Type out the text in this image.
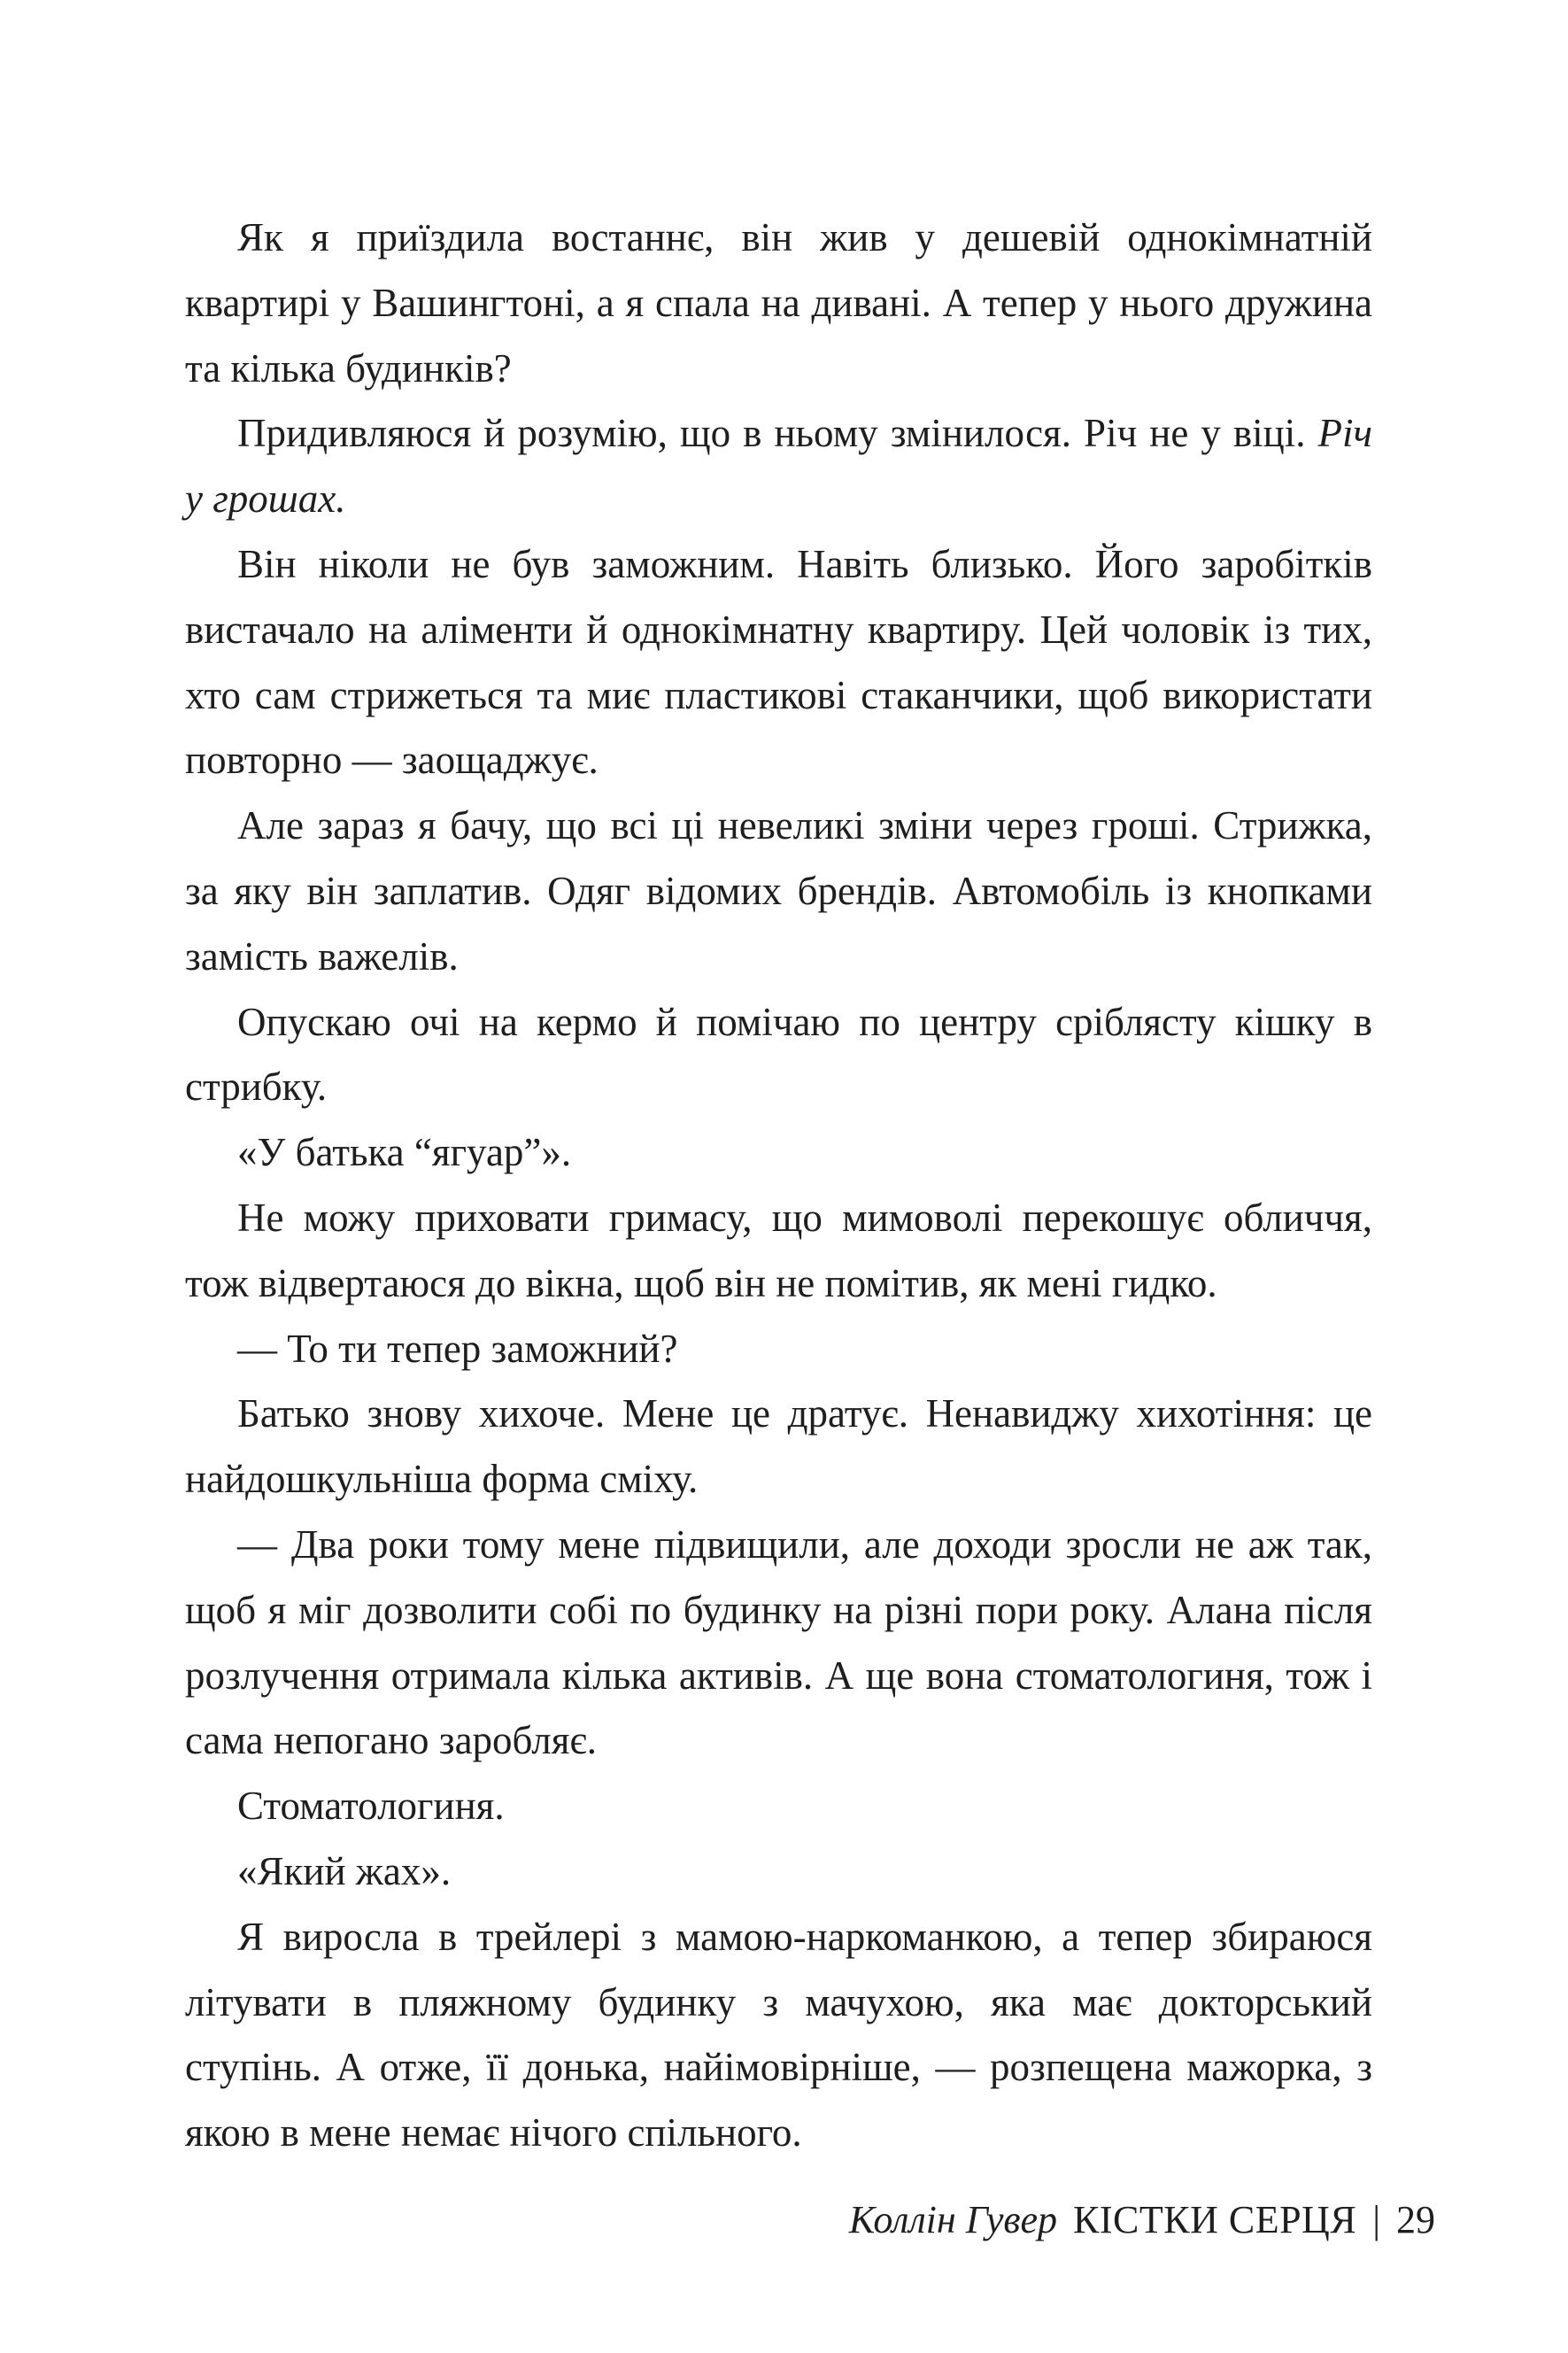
Як я приїздила востаннє, він жив у дешевій однокімнатній квартирі у Вашингтоні, а я спала на дивані. А тепер у нього дружина та кілька будинків?

Придивляюся й розумію, що в ньому змінилося. Річ не у віці. Річ у грошах.

Він ніколи не був заможним. Навіть близько. Його заробітків вистачало на аліменти й однокімнатну квартиру. Цей чоловік із тих, хто сам стрижеться та миє пластикові стаканчики, щоб використати повторно — заощаджує.

Але зараз я бачу, що всі ці невеликі зміни через гроші. Стрижка, за яку він заплатив. Одяг відомих брендів. Автомобіль із кнопками замість важелів.

Опускаю очі на кермо й помічаю по центру сріблясту кішку в стрибку.

«У батька “ягуар”».

Не можу приховати гримасу, що мимоволі перекошує обличчя, тож відвертаюся до вікна, щоб він не помітив, як мені гидко.

— То ти тепер заможний?

Батько знову хихоче. Мене це дратує. Ненавиджу хихотіння: це найдошкульніша форма сміху.

— Два роки тому мене підвищили, але доходи зросли не аж так, щоб я міг дозволити собі по будинку на різні пори року. Алана після розлучення отримала кілька активів. А ще вона стоматологиня, тож і сама непогано заробляє.

Стоматологиня.

«Який жах».

Я виросла в трейлері з мамою-наркоманкою, а тепер збираюся літувати в пляжному будинку з мачухою, яка має докторський ступінь. А отже, її донька, найімовірніше, — розпещена мажорка, з якою в мене немає нічого спільного.

Коллін Гувер КІСТКИ СЕРЦЯ | 29
